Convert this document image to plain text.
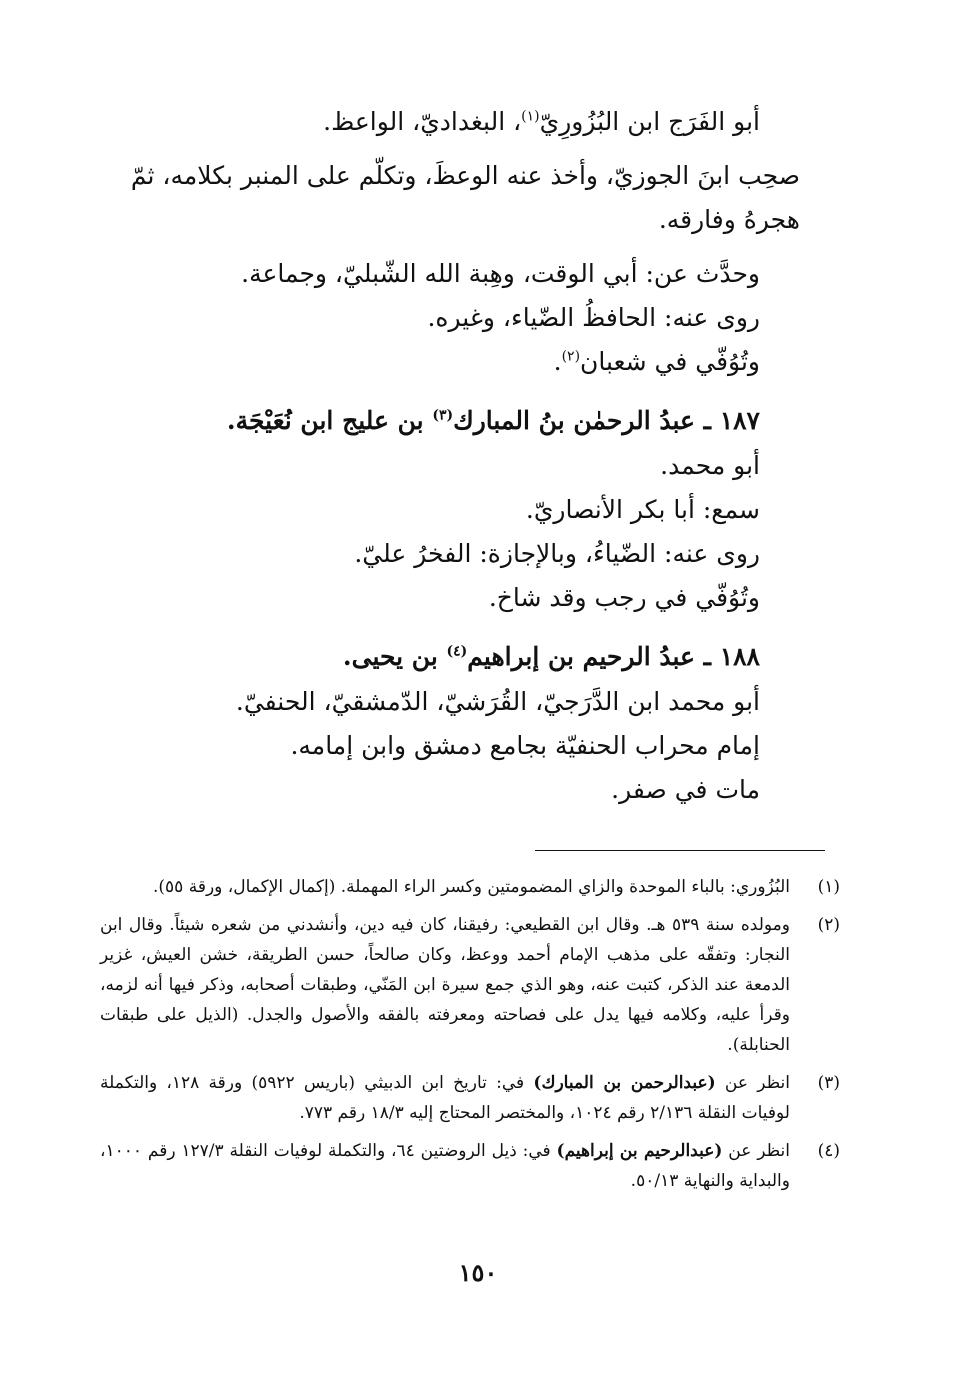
أبو الفَرَج ابن البُزُورِيّ$^{(١)}$، البغداديّ، الواعظ.
صحِب ابنَ الجوزيّ، وأخذ عنه الوعظَ، وتكلّم على المنبر بكلامه، ثمّ هجرهُ وفارقه.
وحدَّث عن: أبي الوقت، وهِبة الله الشّبليّ، وجماعة.
روى عنه: الحافظُ الضّياء، وغيره.
وتُوُفّي في شعبان$^{(٢)}$.
١٨٧ ـ عبدُ الرحمٰن بنُ المبارك$^{(٣)}$ بن عليج ابن نُعَيْجَة.
أبو محمد.
سمع: أبا بكر الأنصاريّ.
روى عنه: الضّياءُ، وبالإجازة: الفخرُ عليّ.
وتُوُفّي في رجب وقد شاخ.
١٨٨ ـ عبدُ الرحيم بن إبراهيم$^{(٤)}$ بن يحيى.
أبو محمد ابن الدَّرَجيّ، القُرَشيّ، الدّمشقيّ، الحنفيّ.
إمام محراب الحنفيّة بجامع دمشق وابن إمامه.
مات في صفر.
(١)
البُزُوري: بالباء الموحدة والزاي المضمومتين وكسر الراء المهملة. (إكمال الإكمال، ورقة ٥٥).
(٢)
ومولده سنة ٥٣٩ هـ. وقال ابن القطيعي: رفيقنا، كان فيه دين، وأنشدني من شعره شيئاً. وقال ابن النجار: وتفقّه على مذهب الإمام أحمد ووعظ، وكان صالحاً، حسن الطريقة، خشن العيش، غزير الدمعة عند الذكر، كتبت عنه، وهو الذي جمع سيرة ابن المَنّي، وطبقات أصحابه، وذكر فيها أنه لزمه، وقرأ عليه، وكلامه فيها يدل على فصاحته ومعرفته بالفقه والأصول والجدل. (الذيل على طبقات الحنابلة).
(٣)
انظر عن (عبدالرحمن بن المبارك) في: تاريخ ابن الدبيثي (باريس ٥٩٢٢) ورقة ١٢٨، والتكملة لوفيات النقلة ٢/١٣٦ رقم ١٠٢٤، والمختصر المحتاج إليه ١٨/٣ رقم ٧٧٣.
(٤)
انظر عن (عبدالرحيم بن إبراهيم) في: ذيل الروضتين ٦٤، والتكملة لوفيات النقلة ١٢٧/٣ رقم ١٠٠٠، والبداية والنهاية ٥٠/١٣.
١٥٠
